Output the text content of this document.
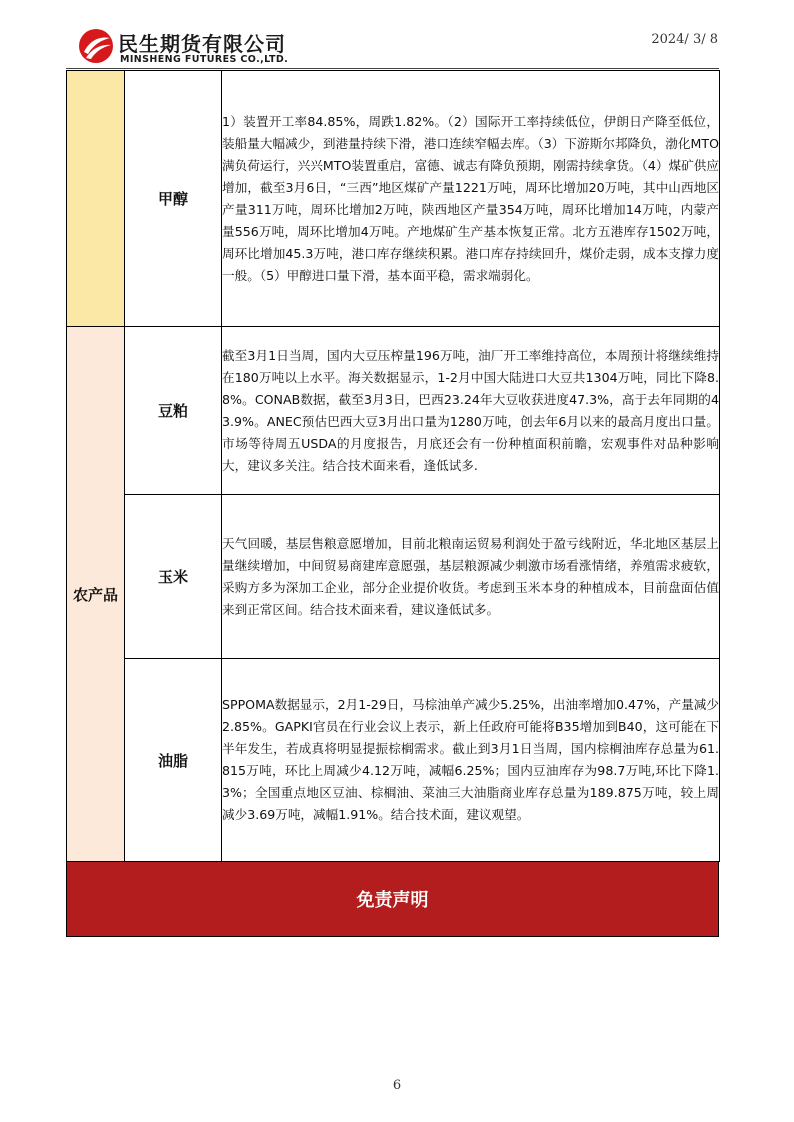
民生期货有限公司
MINSHENG FUTURES CO.,LTD.
2024/ 3/ 8
	甲醇	1）装置开工率84.85%，周跌1.82%。（2）国际开工率持续低位，伊朗日产降至低位，装船量大幅减少，到港量持续下滑，港口连续窄幅去库。（3）下游斯尔邦降负，渤化MTO满负荷运行，兴兴MTO装置重启，富德、诚志有降负预期，刚需持续拿货。（4）煤矿供应增加，截至3月6日，“三西”地区煤矿产量1221万吨，周环比增加20万吨，其中山西地区产量311万吨，周环比增加2万吨，陕西地区产量354万吨，周环比增加14万吨，内蒙产量556万吨，周环比增加4万吨。产地煤矿生产基本恢复正常。北方五港库存1502万吨，周环比增加45.3万吨，港口库存继续积累。港口库存持续回升，煤价走弱，成本支撑力度一般。（5）甲醇进口量下滑，基本面平稳，需求端弱化。
农产品	豆粕	截至3月1日当周，国内大豆压榨量196万吨，油厂开工率维持高位，本周预计将继续维持在180万吨以上水平。海关数据显示，1-2月中国大陆进口大豆共1304万吨，同比下降8.8%。CONAB数据，截至3月3日，巴西23.24年大豆收获进度47.3%，高于去年同期的43.9%。ANEC预估巴西大豆3月出口量为1280万吨，创去年6月以来的最高月度出口量。市场等待周五USDA的月度报告，月底还会有一份种植面积前瞻，宏观事件对品种影响大，建议多关注。结合技术面来看，逢低试多.
	玉米	天气回暖，基层售粮意愿增加，目前北粮南运贸易利润处于盈亏线附近，华北地区基层上量继续增加，中间贸易商建库意愿强，基层粮源减少刺激市场看涨情绪，养殖需求疲软，采购方多为深加工企业，部分企业提价收货。考虑到玉米本身的种植成本，目前盘面估值来到正常区间。结合技术面来看，建议逢低试多。
	油脂	SPPOMA数据显示，2月1-29日，马棕油单产减少5.25%，出油率增加0.47%，产量减少2.85%。GAPKI官员在行业会议上表示，新上任政府可能将B35增加到B40，这可能在下半年发生，若成真将明显提振棕榈需求。截止到3月1日当周，国内棕榈油库存总量为61.815万吨，环比上周减少4.12万吨，减幅6.25%；国内豆油库存为98.7万吨,环比下降1.3%；全国重点地区豆油、棕榈油、菜油三大油脂商业库存总量为189.875万吨，较上周减少3.69万吨，减幅1.91%。结合技术面，建议观望。
免责声明
6
